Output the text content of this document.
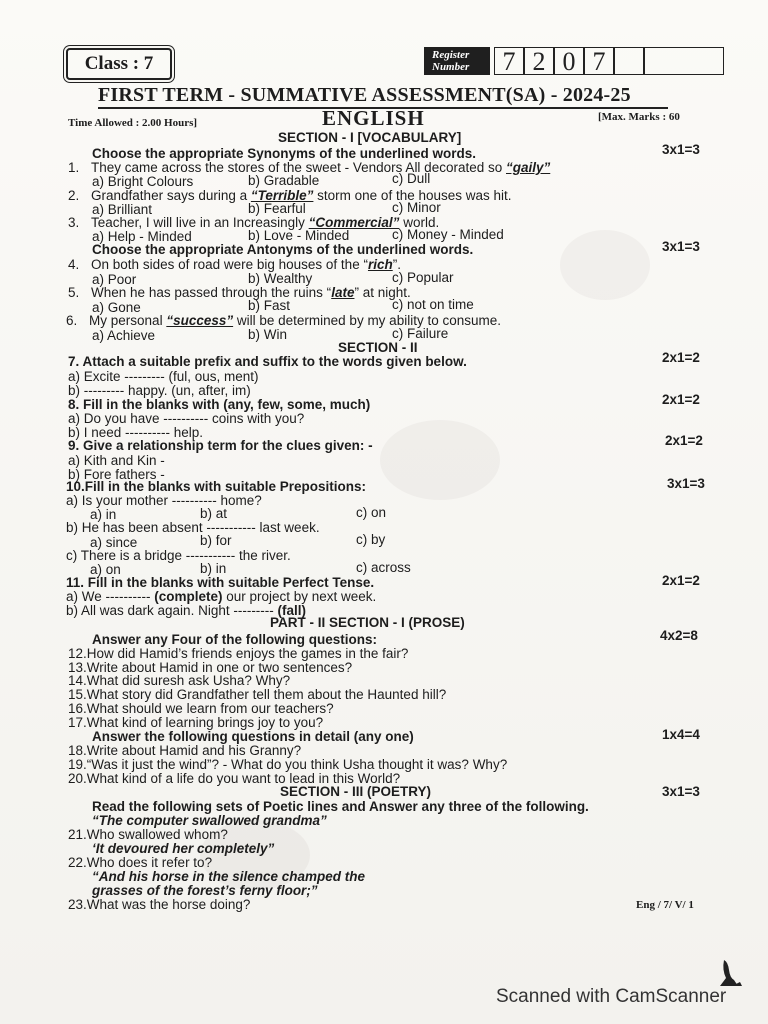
Class : 7	Register
Number	7 2 0 7
FIRST TERM - SUMMATIVE ASSESSMENT(SA) - 2024-25
ENGLISH
Time Allowed : 2.00 Hours]	[Max. Marks : 60
SECTION - I [VOCABULARY]
Choose the appropriate Synonyms of the underlined words.	3x1=3
1. They came across the stores of the sweet - Vendors All decorated so “gaily”
a) Bright Colours	b) Gradable	c) Dull
2. Grandfather says during a “Terrible” storm one of the houses was hit.
a) Brilliant	b) Fearful	c) Minor
3. Teacher, I will live in an Increasingly “Commercial” world.
a) Help - Minded	b) Love - Minded	c) Money - Minded
Choose the appropriate Antonyms of the underlined words.	3x1=3
4. On both sides of road were big houses of the “rich”.
a) Poor	b) Wealthy	c) Popular
5. When he has passed through the ruins “late” at night.
a) Gone	b) Fast	c) not on time
6. My personal “success” will be determined by my ability to consume.
a) Achieve	b) Win	c) Failure
SECTION - II
7. Attach a suitable prefix and suffix to the words given below.	2x1=2
a) Excite --------- (ful, ous, ment)
b) --------- happy. (un, after, im)
8. Fill in the blanks with (any, few, some, much)	2x1=2
a) Do you have ---------- coins with you?
b) I need ---------- help.
9. Give a relationship term for the clues given: -	2x1=2
a) Kith and Kin -
b) Fore fathers -
10.Fill in the blanks with suitable Prepositions:	3x1=3
a) Is your mother ---------- home?
a) in	b) at	c) on
b) He has been absent ----------- last week.
a) since	b) for	c) by
c) There is a bridge ----------- the river.
a) on	b) in	c) across
11. Fill in the blanks with suitable Perfect Tense.	2x1=2
a) We ---------- (complete) our project by next week.
b) All was dark again. Night --------- (fall)
PART - II SECTION - I (PROSE)
Answer any Four of the following questions:	4x2=8
12.How did Hamid’s friends enjoys the games in the fair?
13.Write about Hamid in one or two sentences?
14.What did suresh ask Usha? Why?
15.What story did Grandfather tell them about the Haunted hill?
16.What should we learn from our teachers?
17.What kind of learning brings joy to you?
Answer the following questions in detail (any one)	1x4=4
18.Write about Hamid and his Granny?
19.“Was it just the wind”? - What do you think Usha thought it was? Why?
20.What kind of a life do you want to lead in this World?
SECTION - III (POETRY)	3x1=3
Read the following sets of Poetic lines and Answer any three of the following.
“The computer swallowed grandma”
21.Who swallowed whom?
‘It devoured her completely”
22.Who does it refer to?
“And his horse in the silence champed the
grasses of the forest’s ferny floor;”
23.What was the horse doing?	Eng / 7/ V/ 1
Scanned with CamScanner
